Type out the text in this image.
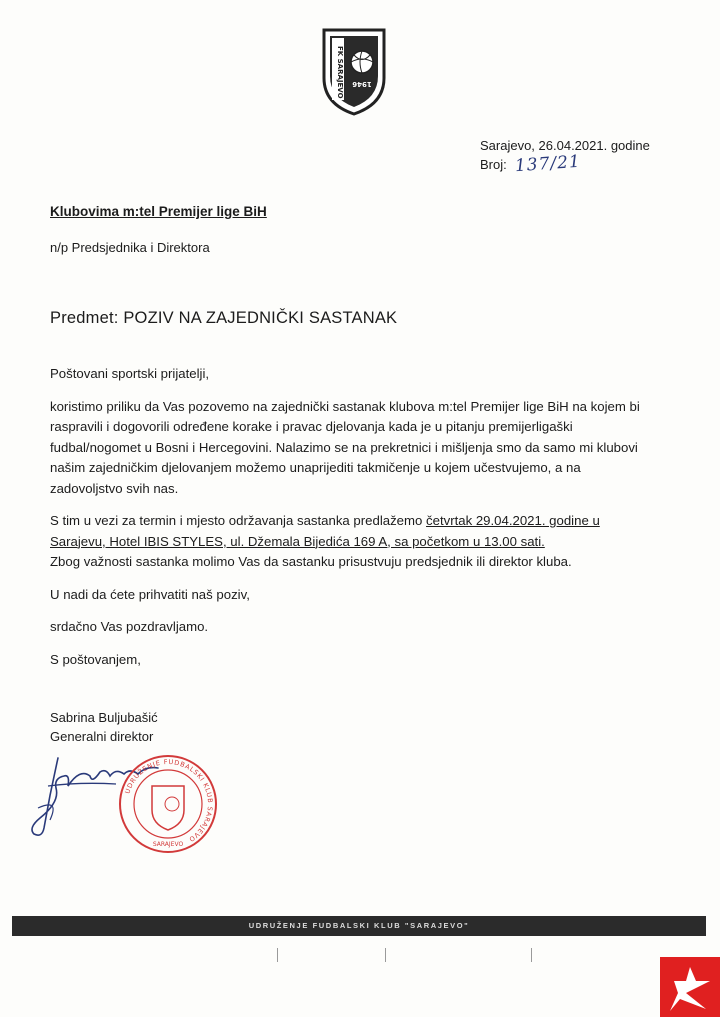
FK SARAJEVO 1946
Sarajevo, 26.04.2021. godine
Broj: 137/21
Klubovima m:tel Premijer lige BiH
n/p Predsjednika i Direktora
Predmet: POZIV NA ZAJEDNIČKI SASTANAK

Poštovani sportski prijatelji,

koristimo priliku da Vas pozovemo na zajednički sastanak klubova m:tel Premijer lige BiH na kojem bi raspravili i dogovorili određene korake i pravac djelovanja kada je u pitanju premijerligaški fudbal/nogomet u Bosni i Hercegovini. Nalazimo se na prekretnici i mišljenja smo da samo mi klubovi našim zajedničkim djelovanjem možemo unaprijediti takmičenje u kojem učestvujemo, a na zadovoljstvo svih nas.

S tim u vezi za termin i mjesto održavanja sastanka predlažemo četvrtak 29.04.2021. godine u Sarajevu, Hotel IBIS STYLES, ul. Džemala Bijedića 169 A, sa početkom u 13.00 sati.
Zbog važnosti sastanka molimo Vas da sastanku prisustvuju predsjednik ili direktor kluba.

U nadi da ćete prihvatiti naš poziv,

srdačno Vas pozdravljamo.

S poštovanjem,

Sabrina Buljubašić
Generalni direktor
UDRUŽENJE FUDBALSKI KLUB SARAJEVO
SARAJEVO
UDRUŽENJE FUDBALSKI KLUB "SARAJEVO"
